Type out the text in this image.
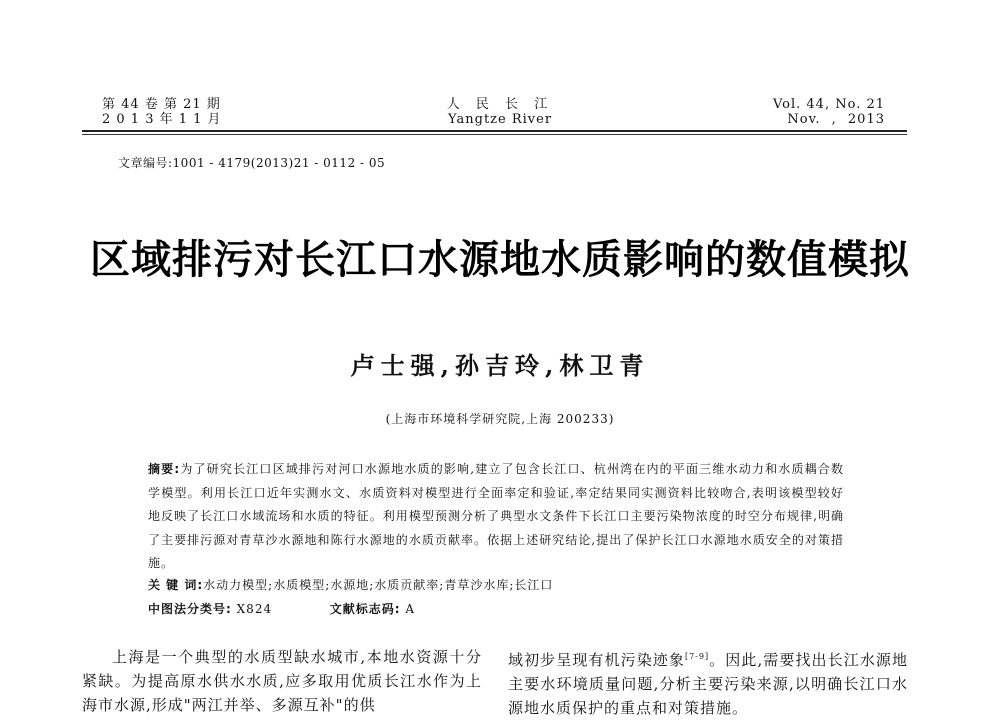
第 44 卷 第 21 期
2 0 1 3 年 1 1 月
人 民 长 江
Yangtze River
Vol. 44, No. 21
Nov. , 2013
文章编号:1001 - 4179(2013)21 - 0112 - 05
区域排污对长江口水源地水质影响的数值模拟
卢士强,孙吉玲,林卫青
(上海市环境科学研究院,上海 200233)
摘要:为了研究长江口区域排污对河口水源地水质的影响,建立了包含长江口、杭州湾在内的平面三维水动力和水质耦合数学模型。利用长江口近年实测水文、水质资料对模型进行全面率定和验证,率定结果同实测资料比较吻合,表明该模型较好地反映了长江口水域流场和水质的特征。利用模型预测分析了典型水文条件下长江口主要污染物浓度的时空分布规律,明确了主要排污源对青草沙水源地和陈行水源地的水质贡献率。依据上述研究结论,提出了保护长江口水源地水质安全的对策措施。
关 键 词:水动力模型;水质模型;水源地;水质贡献率;青草沙水库;长江口
中图法分类号: X824	文献标志码: A
上海是一个典型的水质型缺水城市,本地水资源十分紧缺。为提高原水供水水质,应多取用优质长江水作为上海市水源,形成"两江并举、多源互补"的供
域初步呈现有机污染迹象[7-9]。因此,需要找出长江水源地主要水环境质量问题,分析主要污染来源,以明确长江口水源地水质保护的重点和对策措施。
